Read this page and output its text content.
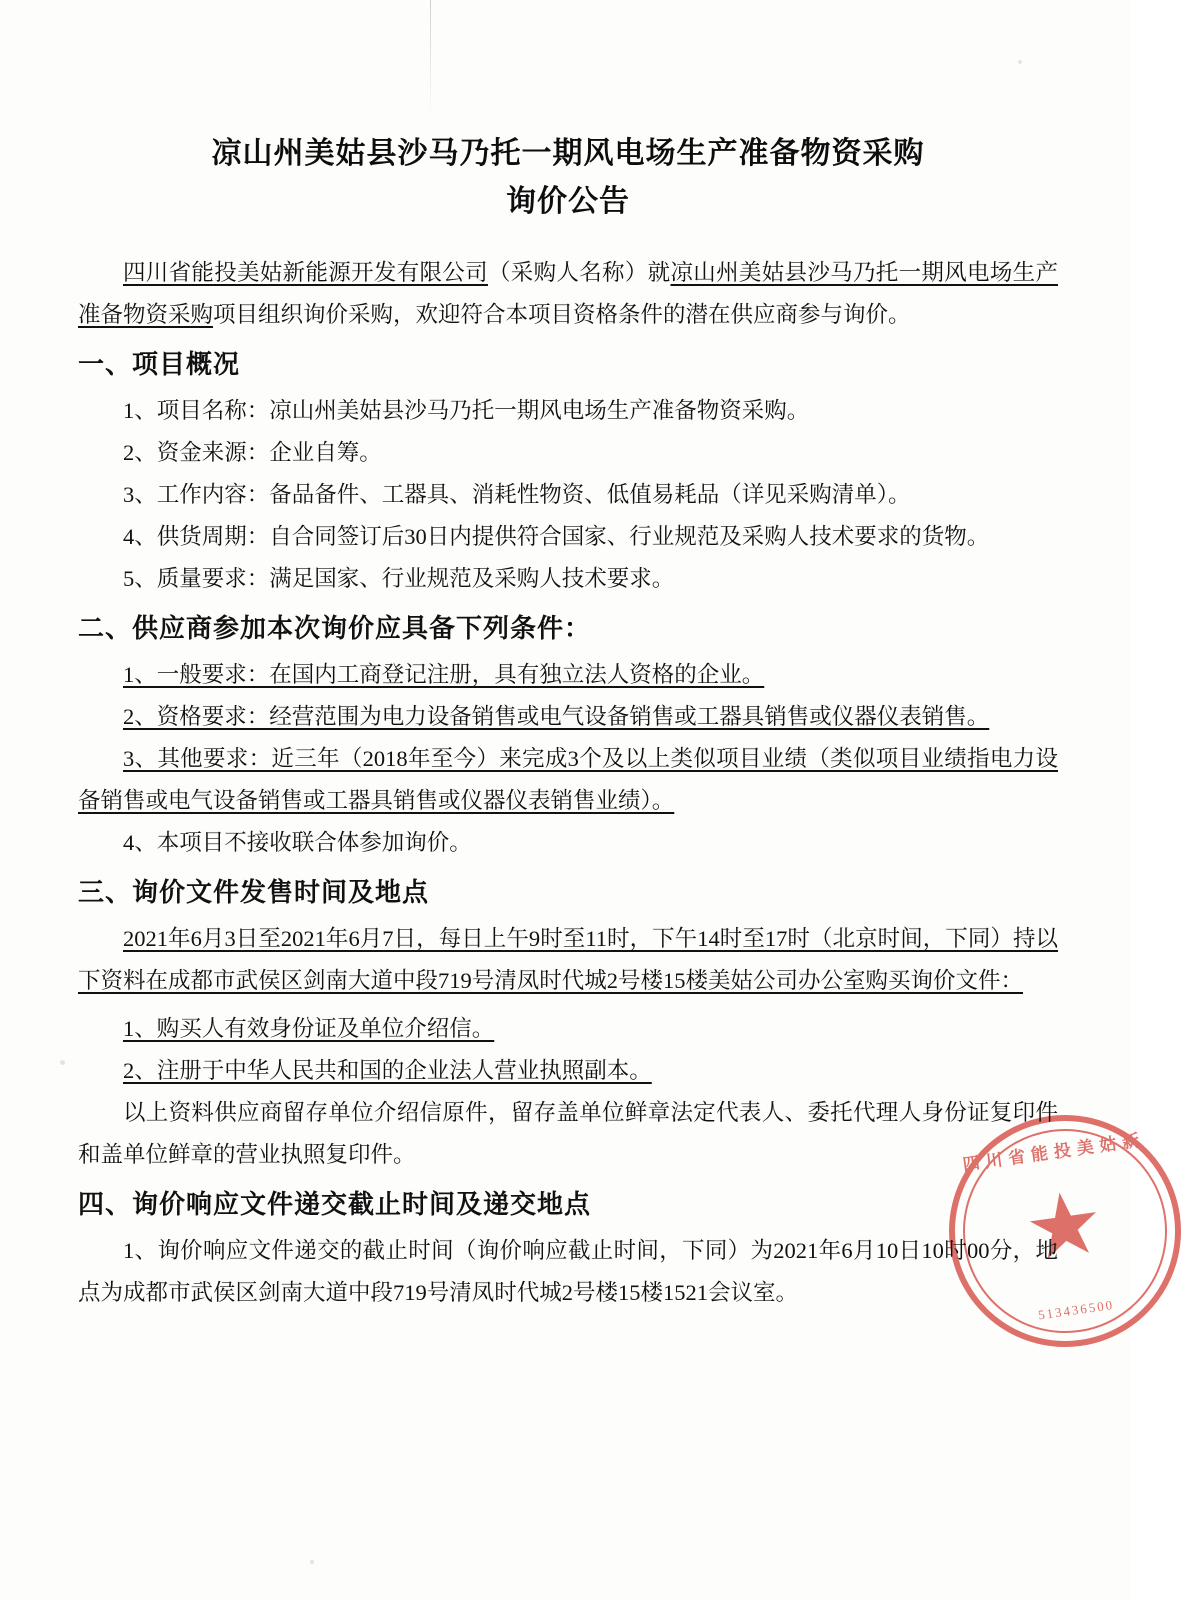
四川省能投美姑新
★
513436500
凉山州美姑县沙马乃托一期风电场生产准备物资采购
询价公告

四川省能投美姑新能源开发有限公司（采购人名称）就凉山州美姑县沙马乃托一期风电场生产准备物资采购项目组织询价采购，欢迎符合本项目资格条件的潜在供应商参与询价。

一、项目概况
1、项目名称：凉山州美姑县沙马乃托一期风电场生产准备物资采购。
2、资金来源：企业自筹。
3、工作内容：备品备件、工器具、消耗性物资、低值易耗品（详见采购清单）。
4、供货周期：自合同签订后30日内提供符合国家、行业规范及采购人技术要求的货物。
5、质量要求：满足国家、行业规范及采购人技术要求。
二、供应商参加本次询价应具备下列条件：
1、一般要求：在国内工商登记注册，具有独立法人资格的企业。
2、资格要求：经营范围为电力设备销售或电气设备销售或工器具销售或仪器仪表销售。
3、其他要求：近三年（2018年至今）来完成3个及以上类似项目业绩（类似项目业绩指电力设备销售或电气设备销售或工器具销售或仪器仪表销售业绩）。
4、本项目不接收联合体参加询价。
三、询价文件发售时间及地点

2021年6月3日至2021年6月7日，每日上午9时至11时，下午14时至17时（北京时间，下同）持以下资料在成都市武侯区剑南大道中段719号清凤时代城2号楼15楼美姑公司办公室购买询价文件：

1、购买人有效身份证及单位介绍信。
2、注册于中华人民共和国的企业法人营业执照副本。

以上资料供应商留存单位介绍信原件，留存盖单位鲜章法定代表人、委托代理人身份证复印件和盖单位鲜章的营业执照复印件。

四、询价响应文件递交截止时间及递交地点
1、询价响应文件递交的截止时间（询价响应截止时间，下同）为2021年6月10日10时00分，地点为成都市武侯区剑南大道中段719号清凤时代城2号楼15楼1521会议室。
